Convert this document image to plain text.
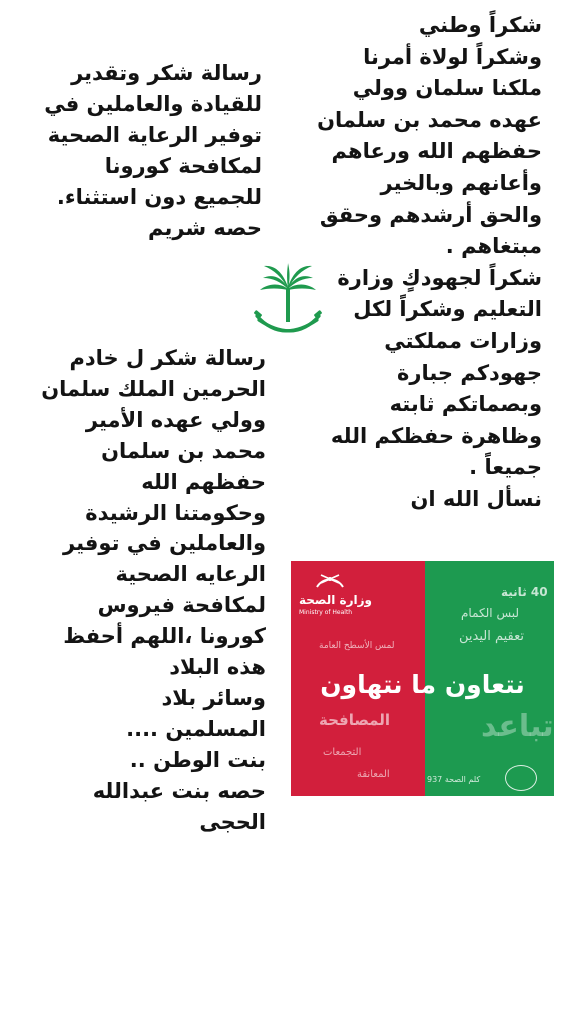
شكراً وطني
وشكراً لولاة أمرنا
ملكنا سلمان وولي
عهده محمد بن سلمان
حفظهم الله ورعاهم
وأعانهم وبالخير
والحق أرشدهم وحقق
مبتغاهم .
شكراً لجهودكٍ وزارة
التعليم وشكراً لكل
وزارات مملكتي
جهودكم جبارة
وبصماتكم ثابته
وظاهرة حفظكم الله
جميعاً .
نسأل الله ان
رسالة شكر وتقدير
للقيادة والعاملين في
توفير الرعاية الصحية
لمكافحة كورونا
للجميع دون استثناء.
حصه شريم
رسالة شكر ل خادم
الحرمين الملك سلمان
وولي عهده الأمير
محمد بن سلمان
حفظهم الله
وحكومتنا الرشيدة
والعاملين في توفير
الرعايه الصحية
لمكافحة فيروس
كورونا ،اللهم أحفظ
هذه البلاد
وسائر بلاد
المسلمين ....
بنت الوطن ..
حصه بنت عبدالله
الحجى
وزارة الصحة
Ministry of Health
40 ثانية
لبس الكمام
تعقيم اليدين
لمس الأسطح العامة
نتعاون ما نتهاون
تباعد
المصافحة
التجمعات
المعانقة	كلم الصحة 937
